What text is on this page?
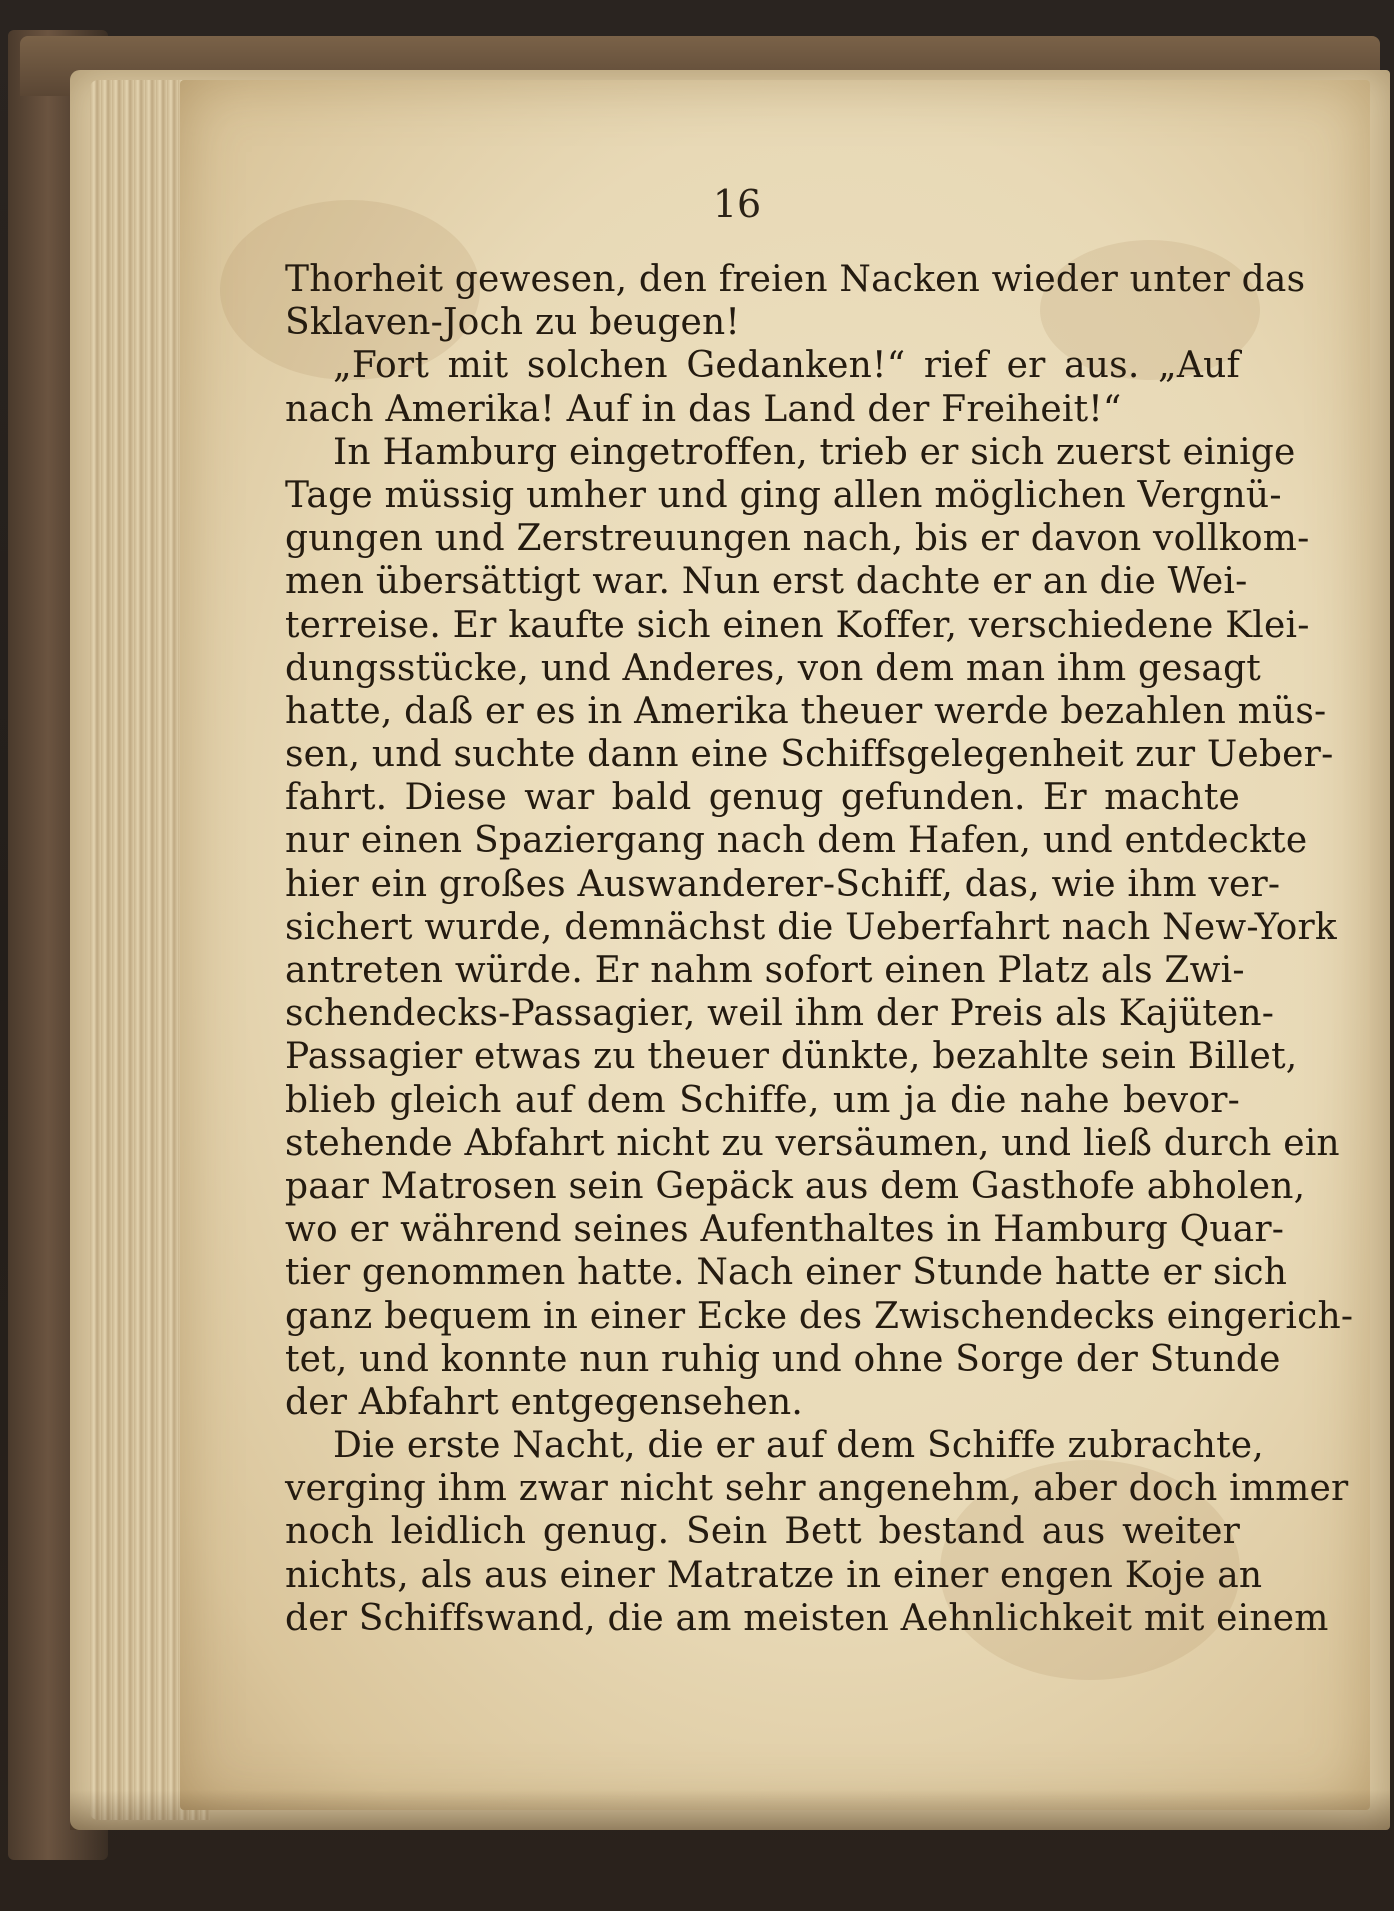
16
Thorheit gewesen, den freien Nacken wieder unter das
Sklaven-Joch zu beugen!
„Fort mit solchen Gedanken!“ rief er aus. „Auf
nach Amerika! Auf in das Land der Freiheit!“
In Hamburg eingetroffen, trieb er sich zuerst einige
Tage müssig umher und ging allen möglichen Vergnü-
gungen und Zerstreuungen nach, bis er davon vollkom-
men übersättigt war. Nun erst dachte er an die Wei-
terreise. Er kaufte sich einen Koffer, verschiedene Klei-
dungsstücke, und Anderes, von dem man ihm gesagt
hatte, daß er es in Amerika theuer werde bezahlen müs-
sen, und suchte dann eine Schiffsgelegenheit zur Ueber-
fahrt. Diese war bald genug gefunden. Er machte
nur einen Spaziergang nach dem Hafen, und entdeckte
hier ein großes Auswanderer-Schiff, das, wie ihm ver-
sichert wurde, demnächst die Ueberfahrt nach New-York
antreten würde. Er nahm sofort einen Platz als Zwi-
schendecks-Passagier, weil ihm der Preis als Kajüten-
Passagier etwas zu theuer dünkte, bezahlte sein Billet,
blieb gleich auf dem Schiffe, um ja die nahe bevor-
stehende Abfahrt nicht zu versäumen, und ließ durch ein
paar Matrosen sein Gepäck aus dem Gasthofe abholen,
wo er während seines Aufenthaltes in Hamburg Quar-
tier genommen hatte. Nach einer Stunde hatte er sich
ganz bequem in einer Ecke des Zwischendecks eingerich-
tet, und konnte nun ruhig und ohne Sorge der Stunde
der Abfahrt entgegensehen.
Die erste Nacht, die er auf dem Schiffe zubrachte,
verging ihm zwar nicht sehr angenehm, aber doch immer
noch leidlich genug. Sein Bett bestand aus weiter
nichts, als aus einer Matratze in einer engen Koje an
der Schiffswand, die am meisten Aehnlichkeit mit einem
